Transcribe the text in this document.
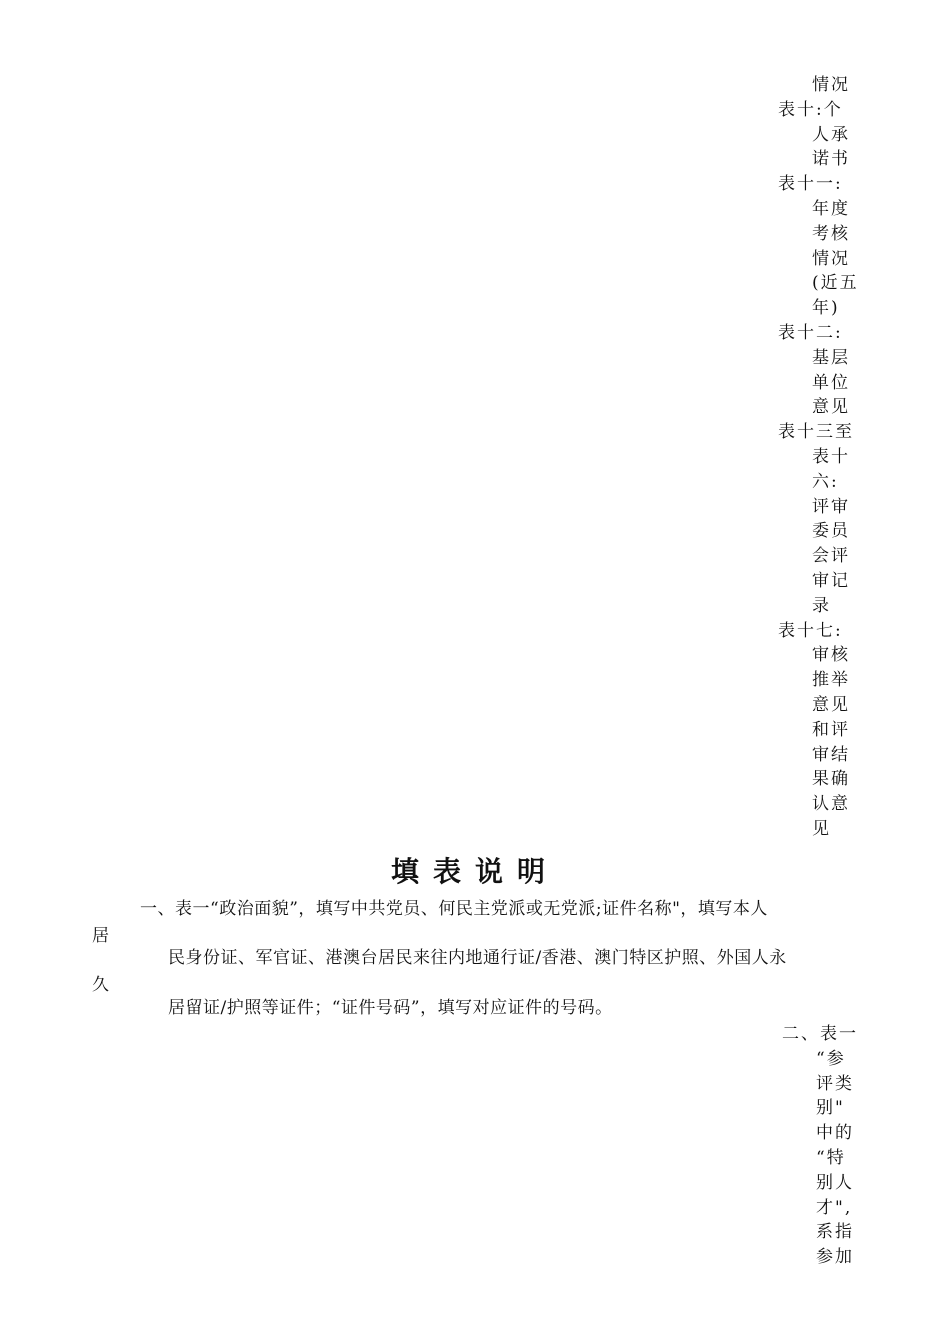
情况
表十:个
人承
诺书
表十一:
年度
考核
情况
(近五
年)
表十二:
基层
单位
意见
表十三至
表十
六:
评审
委员
会评
审记
录
表十七:
审核
推举
意见
和评
审结
果确
认意
见
填表说明
一、表一“政治面貌”，填写中共党员、何民主党派或无党派;证件名称"，填写本人
居
民身份证、军官证、港澳台居民来往内地通行证/香港、澳门特区护照、外国人永
久
居留证/护照等证件；“证件号码”，填写对应证件的号码。
二、表一
“参
评类
别"
中的
“特
别人
才",
系指
参加
